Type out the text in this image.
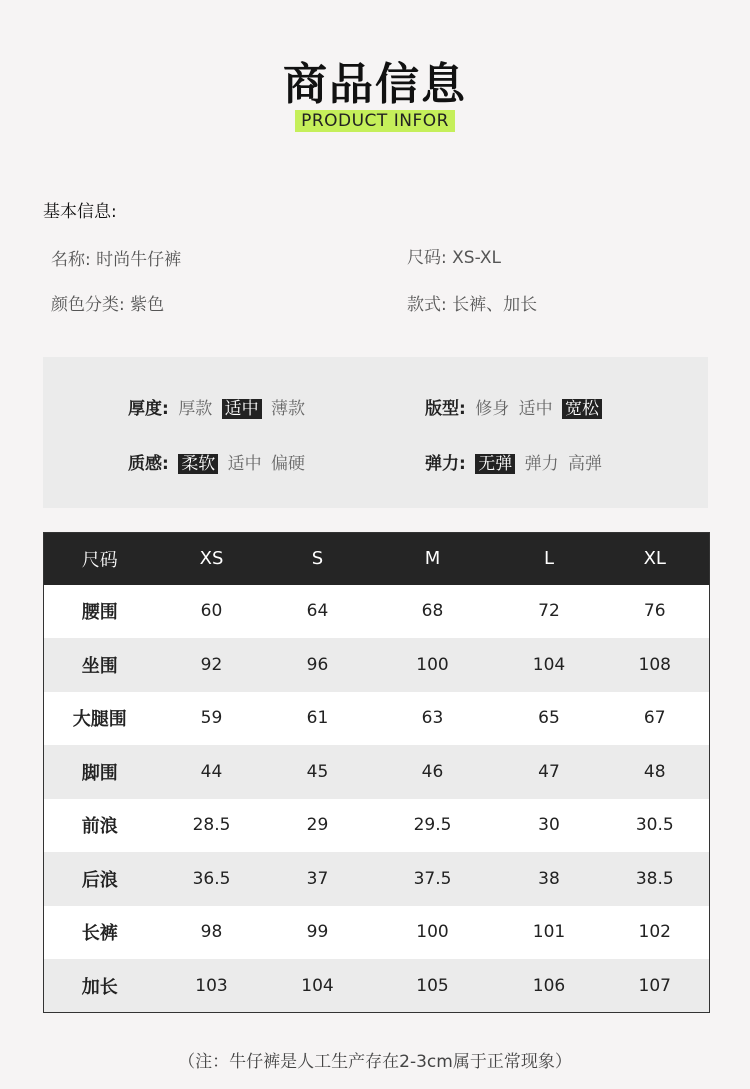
商品信息
PRODUCT INFOR
基本信息:
名称: 时尚牛仔裤	尺码: XS-XL
颜色分类: 紫色	款式: 长裤、加长
厚度: 厚款 适中 薄款	版型: 修身 适中 宽松
质感: 柔软 适中 偏硬	弹力: 无弹 弹力 高弹
尺码	XS	S	M	L	XL
腰围	60	64	68	72	76
坐围	92	96	100	104	108
大腿围	59	61	63	65	67
脚围	44	45	46	47	48
前浪	28.5	29	29.5	30	30.5
后浪	36.5	37	37.5	38	38.5
长裤	98	99	100	101	102
加长	103	104	105	106	107
（注：牛仔裤是人工生产存在2-3cm属于正常现象）
